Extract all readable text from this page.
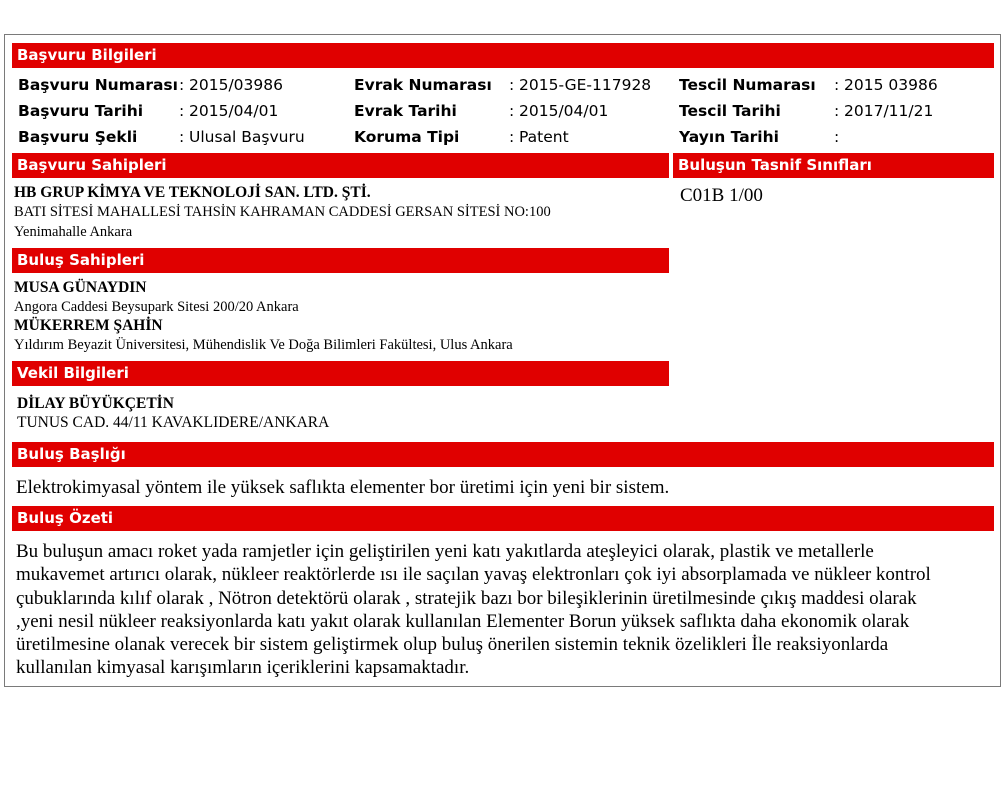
Başvuru Bilgileri
Başvuru Numarası : 2015/03986	Evrak Numarası : 2015-GE-117928 Tescil Numarası : 2015 03986
Başvuru Tarihi : 2015/04/01	Evrak Tarihi	: 2015/04/01	Tescil Tarihi	: 2017/11/21
Başvuru Şekli	: Ulusal Başvuru	Koruma Tipi	: Patent	Yayın Tarihi	:
Başvuru Sahipleri	Buluşun Tasnif Sınıfları
HB GRUP KİMYA VE TEKNOLOJİ SAN. LTD. ŞTİ.
BATI SİTESİ MAHALLESİ TAHSİN KAHRAMAN CADDESİ GERSAN SİTESİ NO:100
Yenimahalle Ankara
C01B 1/00
Buluş Sahipleri
MUSA GÜNAYDIN
Angora Caddesi Beysupark Sitesi 200/20 Ankara
MÜKERREM ŞAHİN
Yıldırım Beyazit Üniversitesi, Mühendislik Ve Doğa Bilimleri Fakültesi, Ulus Ankara
Vekil Bilgileri
DİLAY BÜYÜKÇETİN
TUNUS CAD. 44/11 KAVAKLIDERE/ANKARA
Buluş Başlığı
Elektrokimyasal yöntem ile yüksek saflıkta elementer bor üretimi için yeni bir sistem.
Buluş Özeti
Bu buluşun amacı roket yada ramjetler için geliştirilen yeni katı yakıtlarda ateşleyici olarak, plastik ve metallerle
mukavemet artırıcı olarak, nükleer reaktörlerde ısı ile saçılan yavaş elektronları çok iyi absorplamada ve nükleer kontrol
çubuklarında kılıf olarak , Nötron detektörü olarak , stratejik bazı bor bileşiklerinin üretilmesinde çıkış maddesi olarak
,yeni nesil nükleer reaksiyonlarda katı yakıt olarak kullanılan Elementer Borun yüksek saflıkta daha ekonomik olarak
üretilmesine olanak verecek bir sistem geliştirmek olup buluş önerilen sistemin teknik özelikleri İle reaksiyonlarda
kullanılan kimyasal karışımların içeriklerini kapsamaktadır.
